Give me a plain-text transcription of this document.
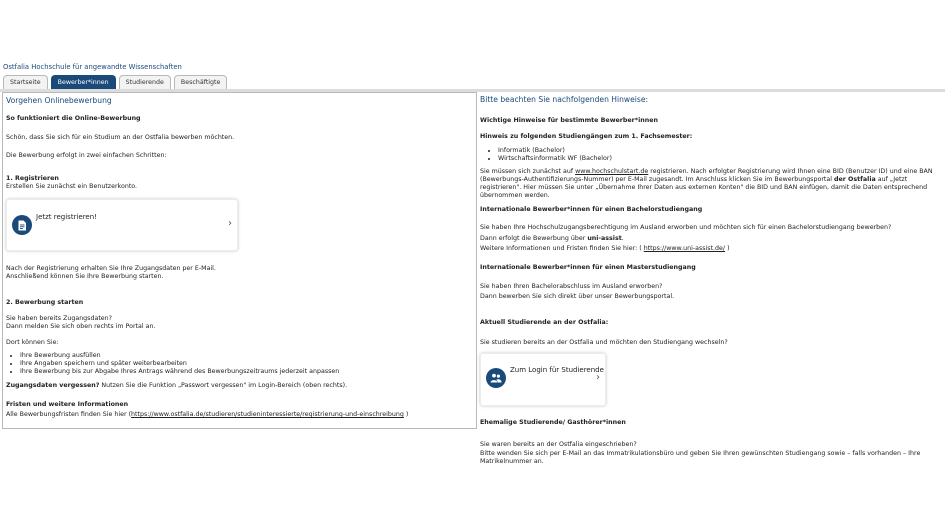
Ostfalia Hochschule für angewandte Wissenschaften
Startseite	Bewerber*innen	Studierende	Beschäftigte
Vorgehen Onlinebewerbung
So funktioniert die Online-Bewerbung
Schön, dass Sie sich für ein Studium an der Ostfalia bewerben möchten.
Die Bewerbung erfolgt in zwei einfachen Schritten:
1. Registrieren
Erstellen Sie zunächst ein Benutzerkonto.
Jetzt registrieren!
›
Nach der Registrierung erhalten Sie Ihre Zugangsdaten per E-Mail.
Anschließend können Sie Ihre Bewerbung starten.
2. Bewerbung starten
Sie haben bereits Zugangsdaten?
Dann melden Sie sich oben rechts im Portal an.
Dort können Sie:
• Ihre Bewerbung ausfüllen
• Ihre Angaben speichern und später weiterbearbeiten
• Ihre Bewerbung bis zur Abgabe Ihres Antrags während des Bewerbungszeitraums jederzeit anpassen
Zugangsdaten vergessen? Nutzen Sie die Funktion „Passwort vergessen" im Login-Bereich (oben rechts).
Fristen und weitere Informationen
Alle Bewerbungsfristen finden Sie hier (https://www.ostfalia.de/studieren/studieninteressierte/registrierung-und-einschreibung )
Bitte beachten Sie nachfolgenden Hinweise:
Wichtige Hinweise für bestimmte Bewerber*innen
Hinweis zu folgenden Studiengängen zum 1. Fachsemester:
• Informatik (Bachelor)
• Wirtschaftsinformatik WF (Bachelor)
Sie müssen sich zunächst auf www.hochschulstart.de registrieren. Nach erfolgter Registrierung wird Ihnen eine BID (Benutzer ID) und eine BAN (Bewerbungs-Authentifizierungs-Nummer) per E-Mail zugesandt. Im Anschluss klicken Sie im Bewerbungsportal der Ostfalia auf „Jetzt registrieren". Hier müssen Sie unter „Übernahme Ihrer Daten aus externen Konten" die BID und BAN einfügen, damit die Daten entsprechend übernommen werden.
Internationale Bewerber*innen für einen Bachelorstudiengang
Sie haben Ihre Hochschulzugangsberechtigung im Ausland erworben und möchten sich für einen Bachelorstudiengang bewerben?
Dann erfolgt die Bewerbung über uni-assist.
Weitere Informationen und Fristen finden Sie hier: ( https://www.uni-assist.de/ )
Internationale Bewerber*innen für einen Masterstudiengang
Sie haben Ihren Bachelorabschluss im Ausland erworben?
Dann bewerben Sie sich direkt über unser Bewerbungsportal.
Aktuell Studierende an der Ostfalia:
Sie studieren bereits an der Ostfalia und möchten den Studiengang wechseln?
Zum Login für Studierende
›
Ehemalige Studierende/ Gasthörer*innen
Sie waren bereits an der Ostfalia eingeschrieben?
Bitte wenden Sie sich per E-Mail an das Immatrikulationsbüro und geben Sie Ihren gewünschten Studiengang sowie – falls vorhanden – Ihre Matrikelnummer an.
